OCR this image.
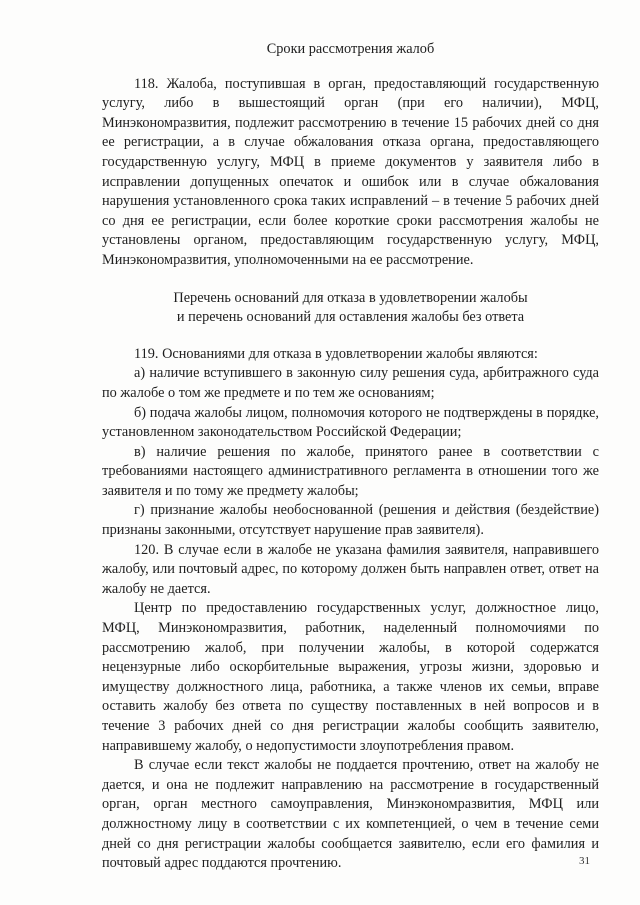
Сроки рассмотрения жалоб

118. Жалоба, поступившая в орган, предоставляющий государственную услугу, либо в вышестоящий орган (при его наличии), МФЦ, Минэкономразвития, подлежит рассмотрению в течение 15 рабочих дней со дня ее регистрации, а в случае обжалования отказа органа, предоставляющего государственную услугу, МФЦ в приеме документов у заявителя либо в исправлении допущенных опечаток и ошибок или в случае обжалования нарушения установленного срока таких исправлений – в течение 5 рабочих дней со дня ее регистрации, если более короткие сроки рассмотрения жалобы не установлены органом, предоставляющим государственную услугу, МФЦ, Минэкономразвития, уполномоченными на ее рассмотрение.

Перечень оснований для отказа в удовлетворении жалобы
и перечень оснований для оставления жалобы без ответа

119. Основаниями для отказа в удовлетворении жалобы являются:

а) наличие вступившего в законную силу решения суда, арбитражного суда по жалобе о том же предмете и по тем же основаниям;

б) подача жалобы лицом, полномочия которого не подтверждены в порядке, установленном законодательством Российской Федерации;

в) наличие решения по жалобе, принятого ранее в соответствии с требованиями настоящего административного регламента в отношении того же заявителя и по тому же предмету жалобы;

г) признание жалобы необоснованной (решения и действия (бездействие) признаны законными, отсутствует нарушение прав заявителя).

120. В случае если в жалобе не указана фамилия заявителя, направившего жалобу, или почтовый адрес, по которому должен быть направлен ответ, ответ на жалобу не дается.

Центр по предоставлению государственных услуг, должностное лицо, МФЦ, Минэкономразвития, работник, наделенный полномочиями по рассмотрению жалоб, при получении жалобы, в которой содержатся нецензурные либо оскорбительные выражения, угрозы жизни, здоровью и имуществу должностного лица, работника, а также членов их семьи, вправе оставить жалобу без ответа по существу поставленных в ней вопросов и в течение 3 рабочих дней со дня регистрации жалобы сообщить заявителю, направившему жалобу, о недопустимости злоупотребления правом.

В случае если текст жалобы не поддается прочтению, ответ на жалобу не дается, и она не подлежит направлению на рассмотрение в государственный орган, орган местного самоуправления, Минэкономразвития, МФЦ или должностному лицу в соответствии с их компетенцией, о чем в течение семи дней со дня регистрации жалобы сообщается заявителю, если его фамилия и почтовый адрес поддаются прочтению.	31
